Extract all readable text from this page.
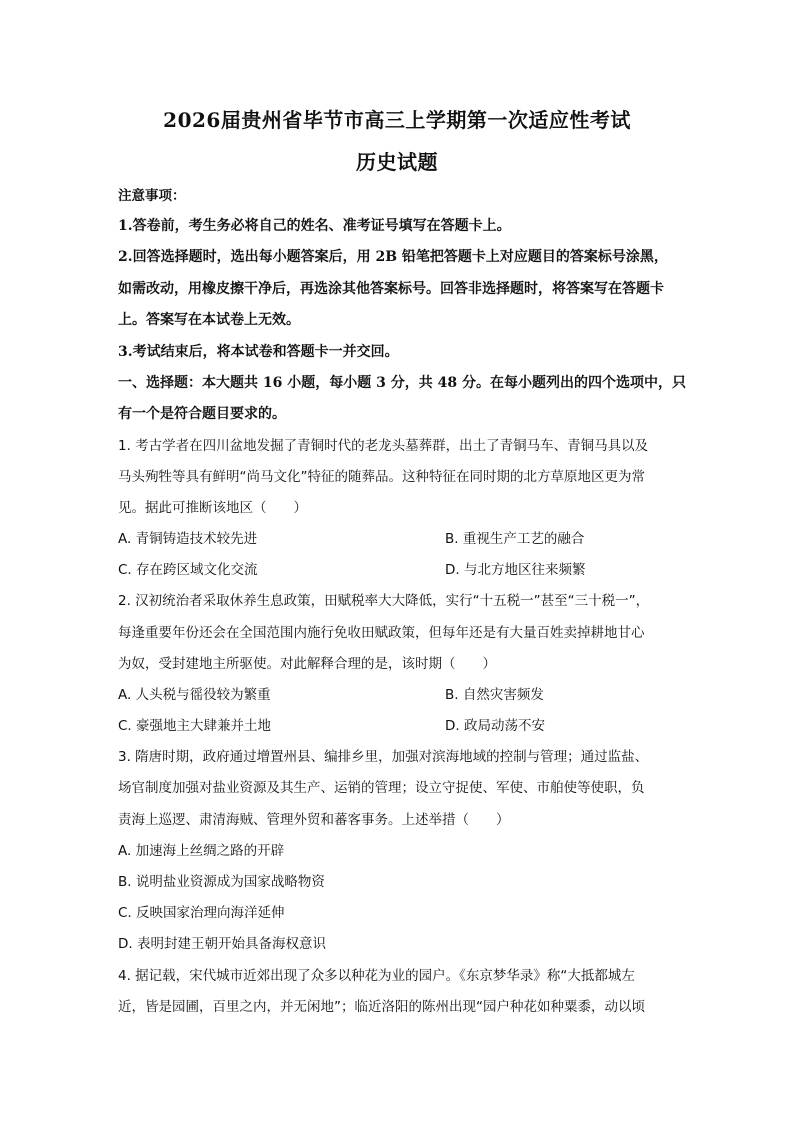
2026届贵州省毕节市高三上学期第一次适应性考试
历史试题
注意事项：
1.答卷前，考生务必将自己的姓名、准考证号填写在答题卡上。
2.回答选择题时，选出每小题答案后，用 2B 铅笔把答题卡上对应题目的答案标号涂黑，
如需改动，用橡皮擦干净后，再选涂其他答案标号。回答非选择题时，将答案写在答题卡
上。答案写在本试卷上无效。
3.考试结束后，将本试卷和答题卡一并交回。
一、选择题：本大题共 16 小题，每小题 3 分，共 48 分。在每小题列出的四个选项中，只
有一个是符合题目要求的。
1. 考古学者在四川盆地发掘了青铜时代的老龙头墓葬群，出土了青铜马车、青铜马具以及
马头殉牲等具有鲜明“尚马文化”特征的随葬品。这种特征在同时期的北方草原地区更为常
见。据此可推断该地区（　　）
A. 青铜铸造技术较先进	B. 重视生产工艺的融合
C. 存在跨区域文化交流	D. 与北方地区往来频繁
2. 汉初统治者采取休养生息政策，田赋税率大大降低，实行“十五税一”甚至“三十税一”，
每逢重要年份还会在全国范围内施行免收田赋政策，但每年还是有大量百姓卖掉耕地甘心
为奴，受封建地主所驱使。对此解释合理的是，该时期（　　）
A. 人头税与徭役较为繁重	B. 自然灾害频发
C. 豪强地主大肆兼并土地	D. 政局动荡不安
3. 隋唐时期，政府通过增置州县、编排乡里，加强对滨海地域的控制与管理；通过监盐、
场官制度加强对盐业资源及其生产、运销的管理；设立守捉使、军使、市舶使等使职，负
责海上巡逻、肃清海贼、管理外贸和蕃客事务。上述举措（　　）
A. 加速海上丝绸之路的开辟
B. 说明盐业资源成为国家战略物资
C. 反映国家治理向海洋延伸
D. 表明封建王朝开始具备海权意识
4. 据记载，宋代城市近郊出现了众多以种花为业的园户。《东京梦华录》称“大抵都城左
近，皆是园圃，百里之内，并无闲地”；临近洛阳的陈州出现“园户种花如种粟黍，动以顷
